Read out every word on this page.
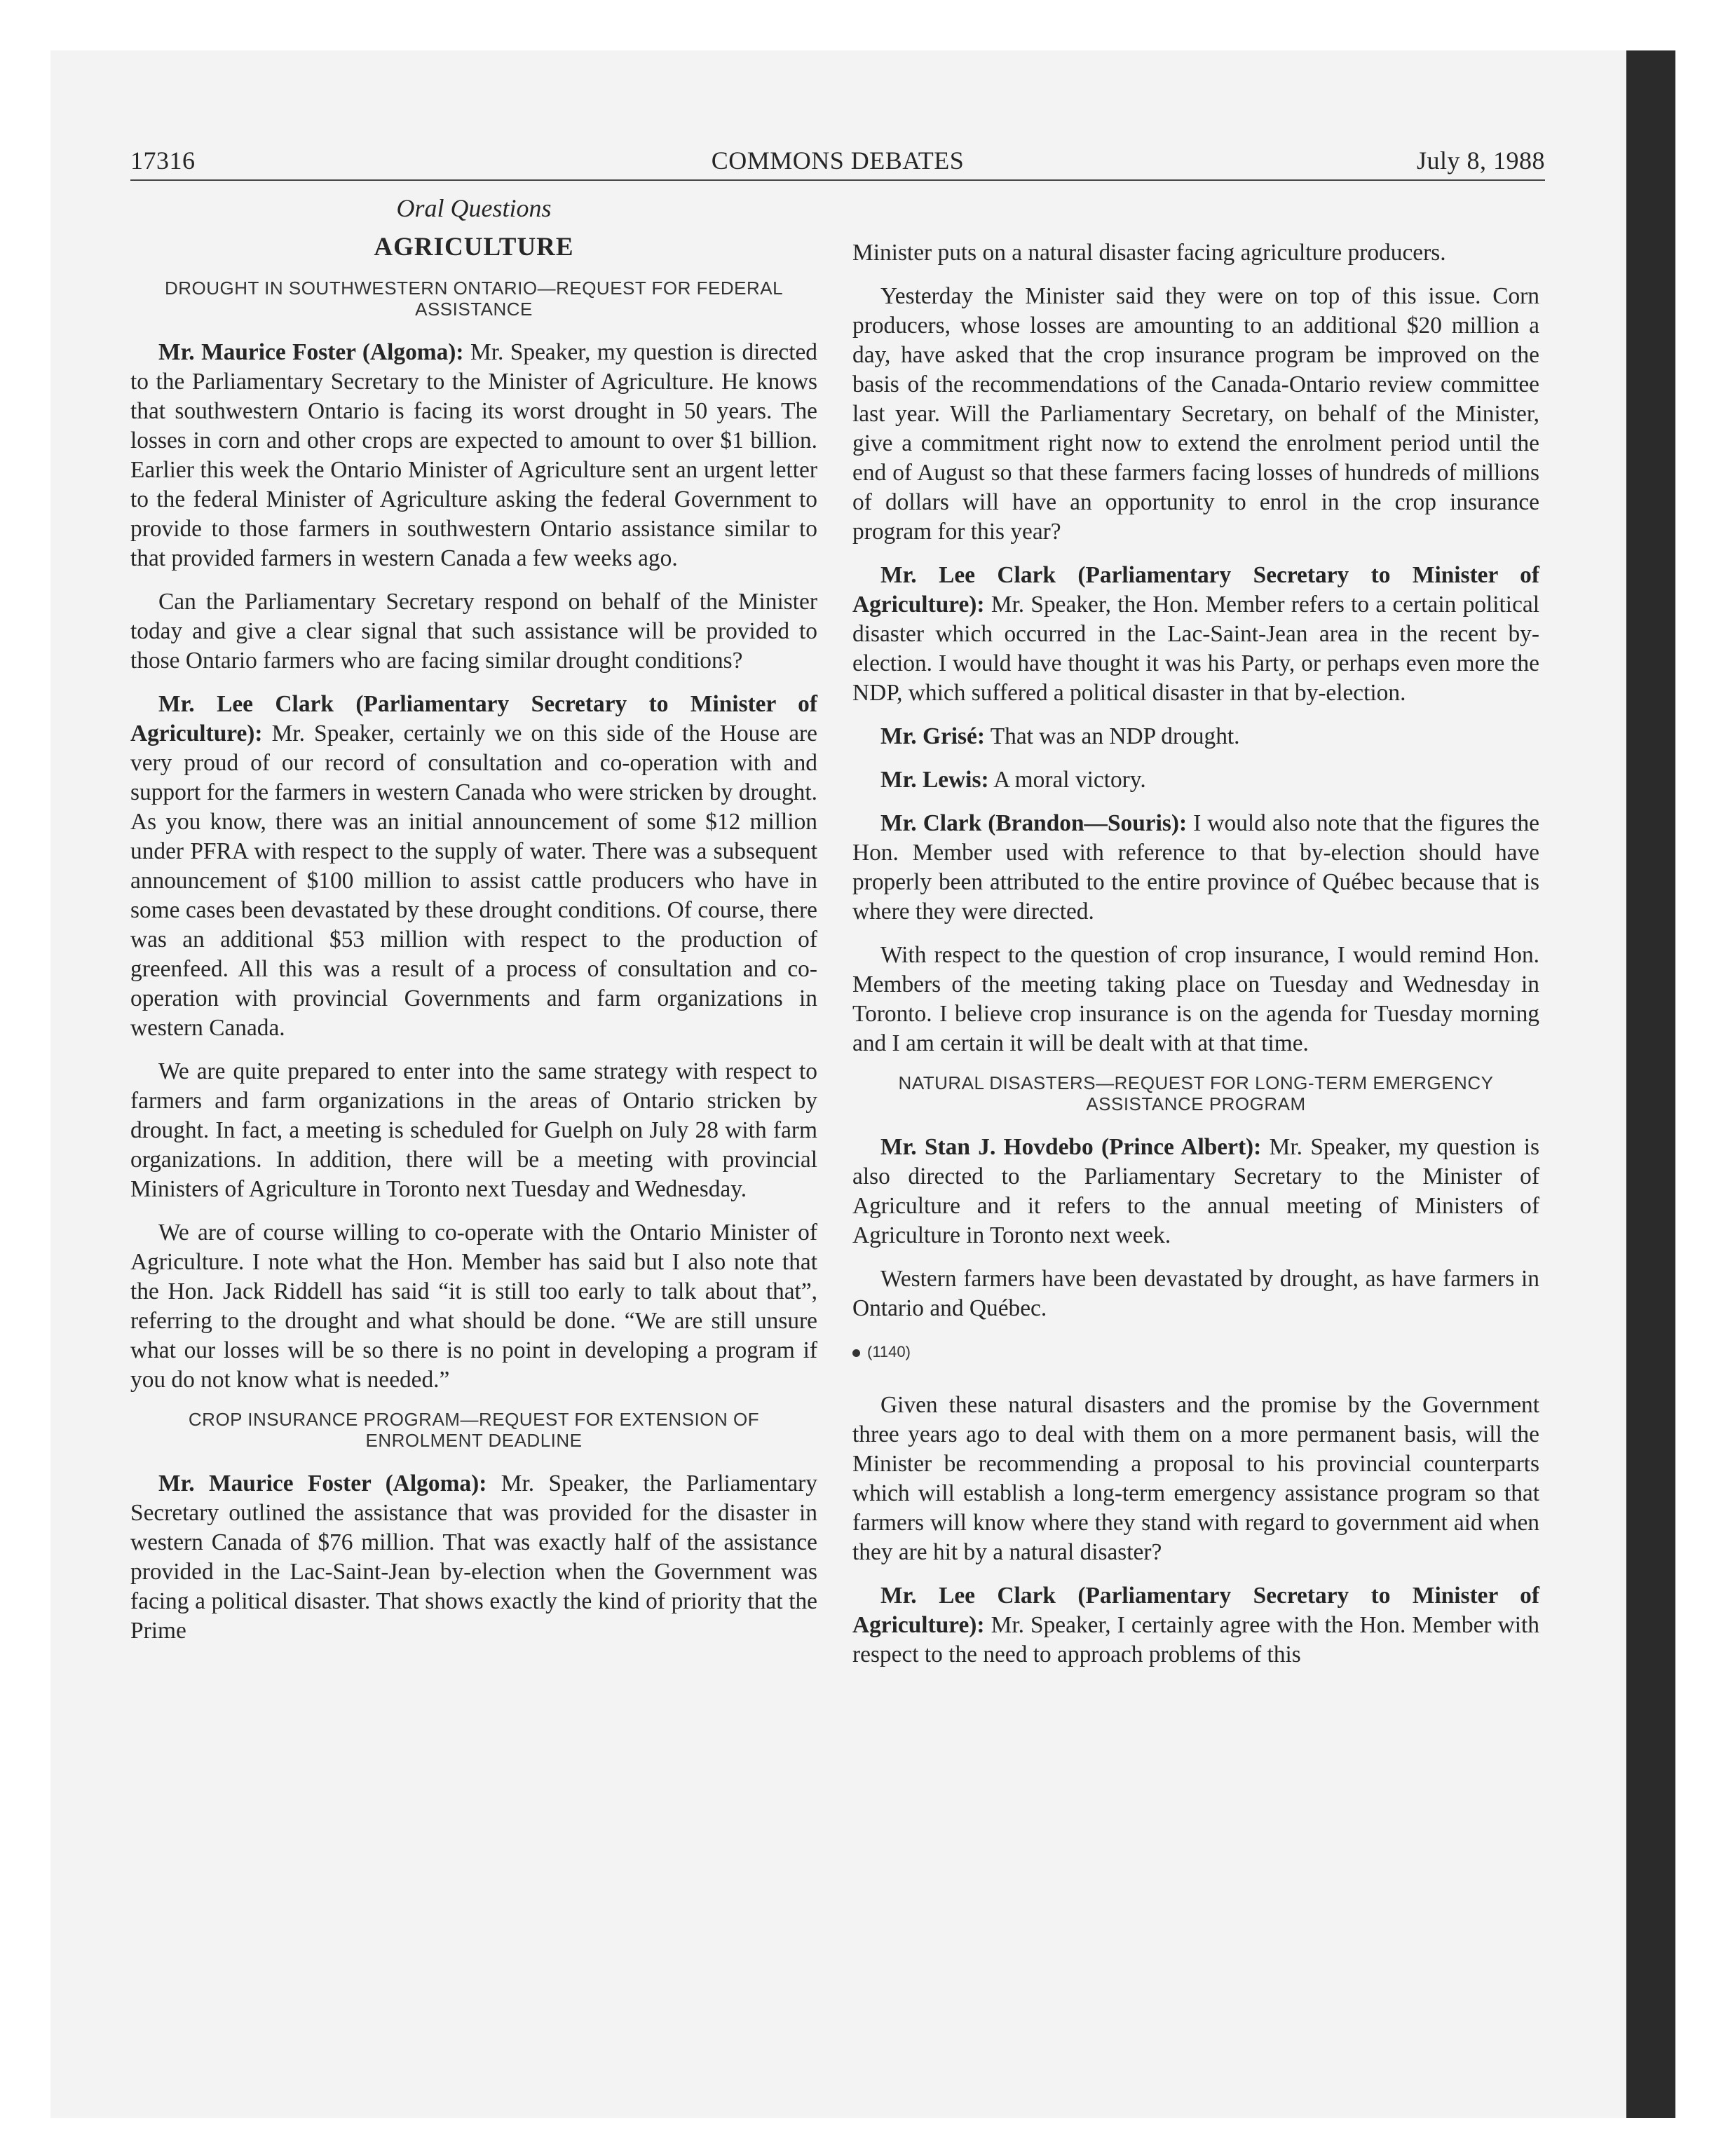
17316	COMMONS DEBATES	July 8, 1988
Oral Questions
AGRICULTURE
DROUGHT IN SOUTHWESTERN ONTARIO—REQUEST FOR FEDERAL ASSISTANCE

Mr. Maurice Foster (Algoma): Mr. Speaker, my question is directed to the Parliamentary Secretary to the Minister of Agriculture. He knows that southwestern Ontario is facing its worst drought in 50 years. The losses in corn and other crops are expected to amount to over $1 billion. Earlier this week the Ontario Minister of Agriculture sent an urgent letter to the federal Minister of Agriculture asking the federal Government to provide to those farmers in southwestern Ontario assistance similar to that provided farmers in western Canada a few weeks ago.

Can the Parliamentary Secretary respond on behalf of the Minister today and give a clear signal that such assistance will be provided to those Ontario farmers who are facing similar drought conditions?

Mr. Lee Clark (Parliamentary Secretary to Minister of Agriculture): Mr. Speaker, certainly we on this side of the House are very proud of our record of consultation and co-operation with and support for the farmers in western Canada who were stricken by drought. As you know, there was an initial announcement of some $12 million under PFRA with respect to the supply of water. There was a subsequent announcement of $100 million to assist cattle producers who have in some cases been devastated by these drought conditions. Of course, there was an additional $53 million with respect to the production of greenfeed. All this was a result of a process of consultation and co-operation with provincial Governments and farm organizations in western Canada.

We are quite prepared to enter into the same strategy with respect to farmers and farm organizations in the areas of Ontario stricken by drought. In fact, a meeting is scheduled for Guelph on July 28 with farm organizations. In addition, there will be a meeting with provincial Ministers of Agriculture in Toronto next Tuesday and Wednesday.

We are of course willing to co-operate with the Ontario Minister of Agriculture. I note what the Hon. Member has said but I also note that the Hon. Jack Riddell has said “it is still too early to talk about that”, referring to the drought and what should be done. “We are still unsure what our losses will be so there is no point in developing a program if you do not know what is needed.”

CROP INSURANCE PROGRAM—REQUEST FOR EXTENSION OF ENROLMENT DEADLINE

Mr. Maurice Foster (Algoma): Mr. Speaker, the Parliamentary Secretary outlined the assistance that was provided for the disaster in western Canada of $76 million. That was exactly half of the assistance provided in the Lac-Saint-Jean by-election when the Government was facing a political disaster. That shows exactly the kind of priority that the Prime

Minister puts on a natural disaster facing agriculture producers.

Yesterday the Minister said they were on top of this issue. Corn producers, whose losses are amounting to an additional $20 million a day, have asked that the crop insurance program be improved on the basis of the recommendations of the Canada-Ontario review committee last year. Will the Parliamentary Secretary, on behalf of the Minister, give a commitment right now to extend the enrolment period until the end of August so that these farmers facing losses of hundreds of millions of dollars will have an opportunity to enrol in the crop insurance program for this year?

Mr. Lee Clark (Parliamentary Secretary to Minister of Agriculture): Mr. Speaker, the Hon. Member refers to a certain political disaster which occurred in the Lac-Saint-Jean area in the recent by-election. I would have thought it was his Party, or perhaps even more the NDP, which suffered a political disaster in that by-election.

Mr. Grisé: That was an NDP drought.

Mr. Lewis: A moral victory.

Mr. Clark (Brandon—Souris): I would also note that the figures the Hon. Member used with reference to that by-election should have properly been attributed to the entire province of Québec because that is where they were directed.

With respect to the question of crop insurance, I would remind Hon. Members of the meeting taking place on Tuesday and Wednesday in Toronto. I believe crop insurance is on the agenda for Tuesday morning and I am certain it will be dealt with at that time.

NATURAL DISASTERS—REQUEST FOR LONG-TERM EMERGENCY ASSISTANCE PROGRAM

Mr. Stan J. Hovdebo (Prince Albert): Mr. Speaker, my question is also directed to the Parliamentary Secretary to the Minister of Agriculture and it refers to the annual meeting of Ministers of Agriculture in Toronto next week.

Western farmers have been devastated by drought, as have farmers in Ontario and Québec.

(1140)

Given these natural disasters and the promise by the Government three years ago to deal with them on a more permanent basis, will the Minister be recommending a proposal to his provincial counterparts which will establish a long-term emergency assistance program so that farmers will know where they stand with regard to government aid when they are hit by a natural disaster?

Mr. Lee Clark (Parliamentary Secretary to Minister of Agriculture): Mr. Speaker, I certainly agree with the Hon. Member with respect to the need to approach problems of this
